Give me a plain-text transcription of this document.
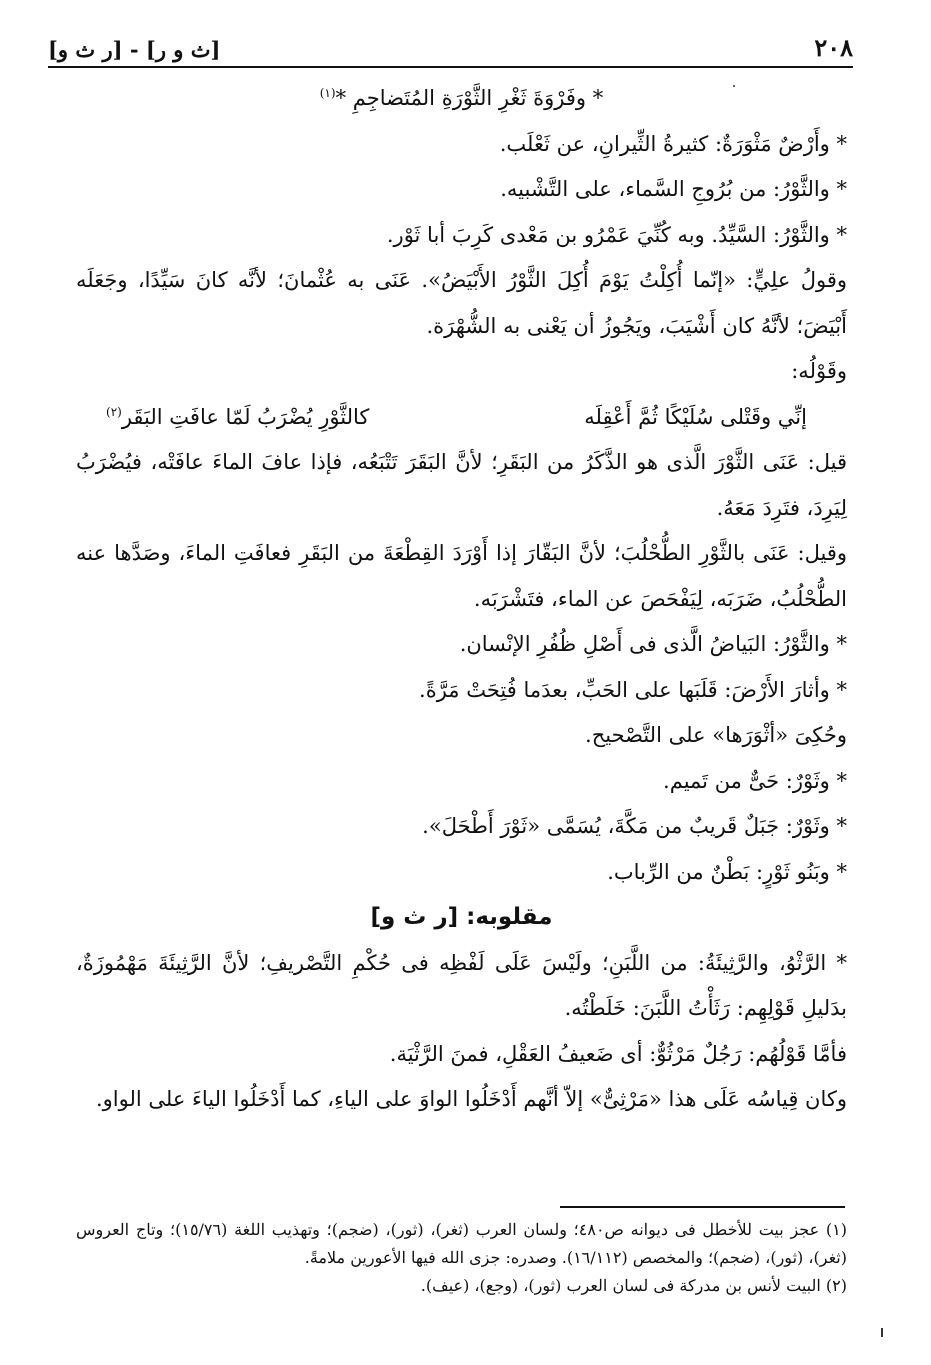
٢٠٨
[ث و ر] - [ر ث و]

* وفَرْوَةَ ثَغْرِ الثَّوْرَةِ المُتَضاجِمِ *$^{(١)}$

* وأَرْضٌ مَثْوَرَةٌ: كثيرةُ الثِّيرانِ، عن ثَعْلَب.

* والثَّوْرُ: من بُرُوجِ السَّماء، على التَّشْبيه.

* والثَّوْرُ: السَّيِّدُ. وبه كُنِّيَ عَمْرُو بن مَعْدى كَرِبَ أبا ثَوْر.

وقولُ علِيٍّ: «إنّما أُكِلْتُ يَوْمَ أُكِلَ الثَّوْرُ الأَبْيَضُ». عَنَى به عُثْمانَ؛ لأنَّه كانَ سَيِّدًا، وجَعَلَه أَبْيَضَ؛ لأنَّهُ كان أَشْيَبَ، ويَجُوزُ أن يَعْنى به الشُّهْرَة.

وقَوْلُه:

إنِّي وقَتْلى سُلَيْكًا ثُمَّ أَعْقِلَه
كالثَّوْرِ يُضْرَبُ لَمّا عافَتِ البَقَر$^{(٢)}$

قيل: عَنَى الثَّوْرَ الَّذى هو الذَّكَرُ من البَقَرِ؛ لأنَّ البَقَرَ تَتْبَعُه، فإذا عافَ الماءَ عافَتْه، فيُضْرَبُ لِيَرِدَ، فتَرِدَ مَعَهُ.

وقيل: عَنَى بالثَّوْرِ الطُّحْلُبَ؛ لأنَّ البَقّارَ إذا أَوْرَدَ القِطْعَةَ من البَقَرِ فعافَتِ الماءَ، وصَدَّها عنه الطُّحْلُبُ، ضَرَبَه، لِيَفْحَصَ عن الماء، فتَشْرَبَه.

* والثَّوْرُ: البَياضُ الَّذى فى أَصْلِ ظُفُرِ الإنْسان.

* وأثارَ الأَرْضَ: قَلَبَها على الحَبِّ، بعدَما فُتِحَتْ مَرَّةً.

وحُكِىَ «أثْوَرَها» على التَّصْحيح.

* وثَوْرٌ: حَىٌّ من تَميم.

* وثَوْرٌ: جَبَلٌ قَريبٌ من مَكَّةَ، يُسَمَّى «ثَوْرَ أَطْحَلَ».

* وبَنُو ثَوْرٍ: بَطْنٌ من الرِّباب.

مقلوبه: [ر ث و]

* الرَّثْوُ، والرَّثِيئَةُ: من اللَّبَنِ؛ ولَيْسَ عَلَى لَفْظِه فى حُكْمِ التَّصْريفِ؛ لأنَّ الرَّثِيئَةَ مَهْمُوزَةٌ، بدَليلِ قَوْلِهِم: رَثَأْتُ اللَّبَنَ: خَلَطْتُه.

فأمَّا قَوْلُهُم: رَجُلٌ مَرْثُوٌّ: أى ضَعيفُ العَقْلِ، فمنَ الرَّثْيَة.

وكان قِياسُه عَلَى هذا «مَرْثِىٌّ» إلاّ أنَّهم أَدْخَلُوا الواوَ على الياءِ، كما أَدْخَلُوا الياءَ على الواو.

(١) عجز بيت للأخطل فى ديوانه ص٤٨٠؛ ولسان العرب (ثغر)، (ثور)، (ضجم)؛ وتهذيب اللغة (١٥/٧٦)؛ وتاج العروس (ثغر)، (ثور)، (ضجم)؛ والمخصص (١٦/١١٢). وصدره: جزى الله فيها الأعورين ملامةً.

(٢) البيت لأنس بن مدركة فى لسان العرب (ثور)، (وجع)، (عيف).
